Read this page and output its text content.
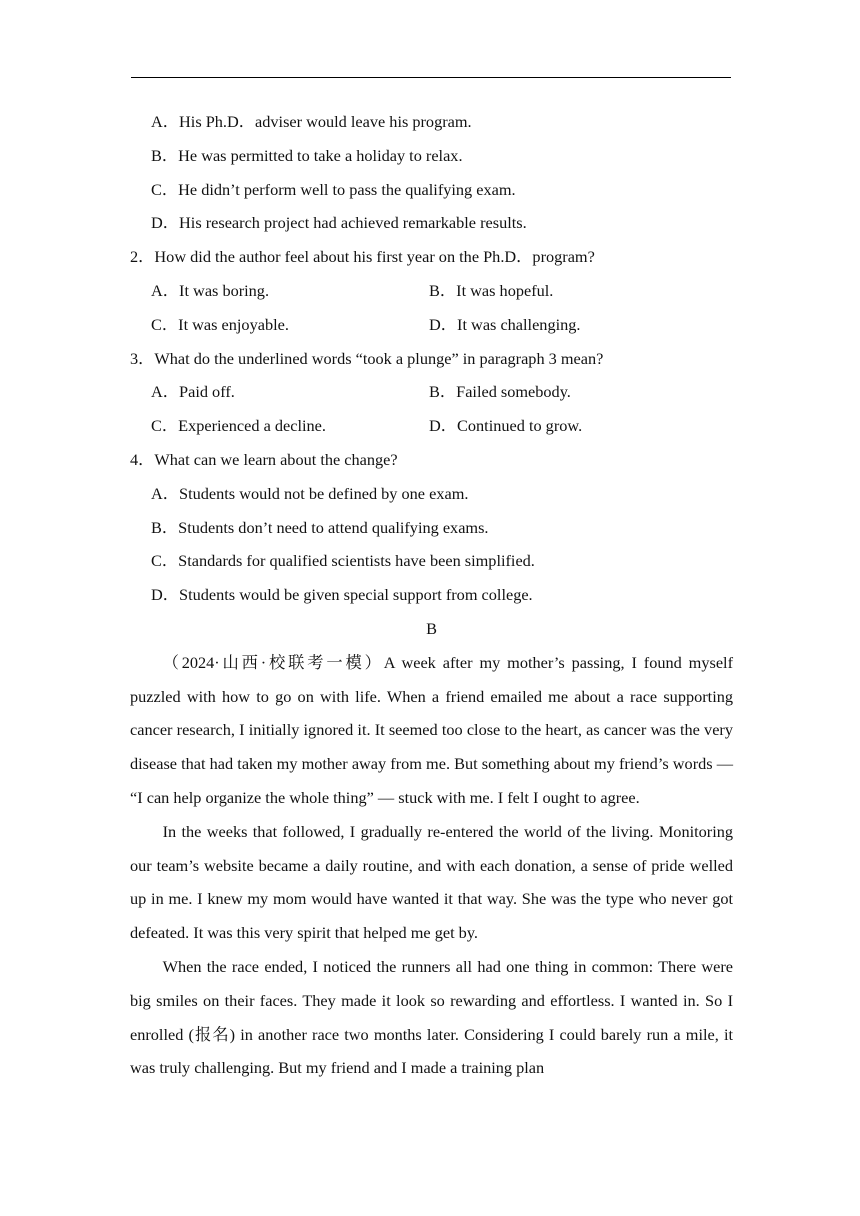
A．His Ph.D．adviser would leave his program.
B．He was permitted to take a holiday to relax.
C．He didn’t perform well to pass the qualifying exam.
D．His research project had achieved remarkable results.
2．How did the author feel about his first year on the Ph.D．program?
A．It was boring.	B．It was hopeful.
C．It was enjoyable.	D．It was challenging.
3．What do the underlined words “took a plunge” in paragraph 3 mean?
A．Paid off.	B．Failed somebody.
C．Experienced a decline.	D．Continued to grow.
4．What can we learn about the change?
A．Students would not be defined by one exam.
B．Students don’t need to attend qualifying exams.
C．Standards for qualified scientists have been simplified.
D．Students would be given special support from college.
B

（2024·山西·校联考一模）A week after my mother’s passing, I found myself puzzled with how to go on with life. When a friend emailed me about a race supporting cancer research, I initially ignored it. It seemed too close to the heart, as cancer was the very disease that had taken my mother away from me. But something about my friend’s words — “I can help organize the whole thing” — stuck with me. I felt I ought to agree.

In the weeks that followed, I gradually re-entered the world of the living. Monitoring our team’s website became a daily routine, and with each donation, a sense of pride welled up in me. I knew my mom would have wanted it that way. She was the type who never got defeated. It was this very spirit that helped me get by.

When the race ended, I noticed the runners all had one thing in common: There were big smiles on their faces. They made it look so rewarding and effortless. I wanted in. So I enrolled (报名) in another race two months later. Considering I could barely run a mile, it was truly challenging. But my friend and I made a training plan
